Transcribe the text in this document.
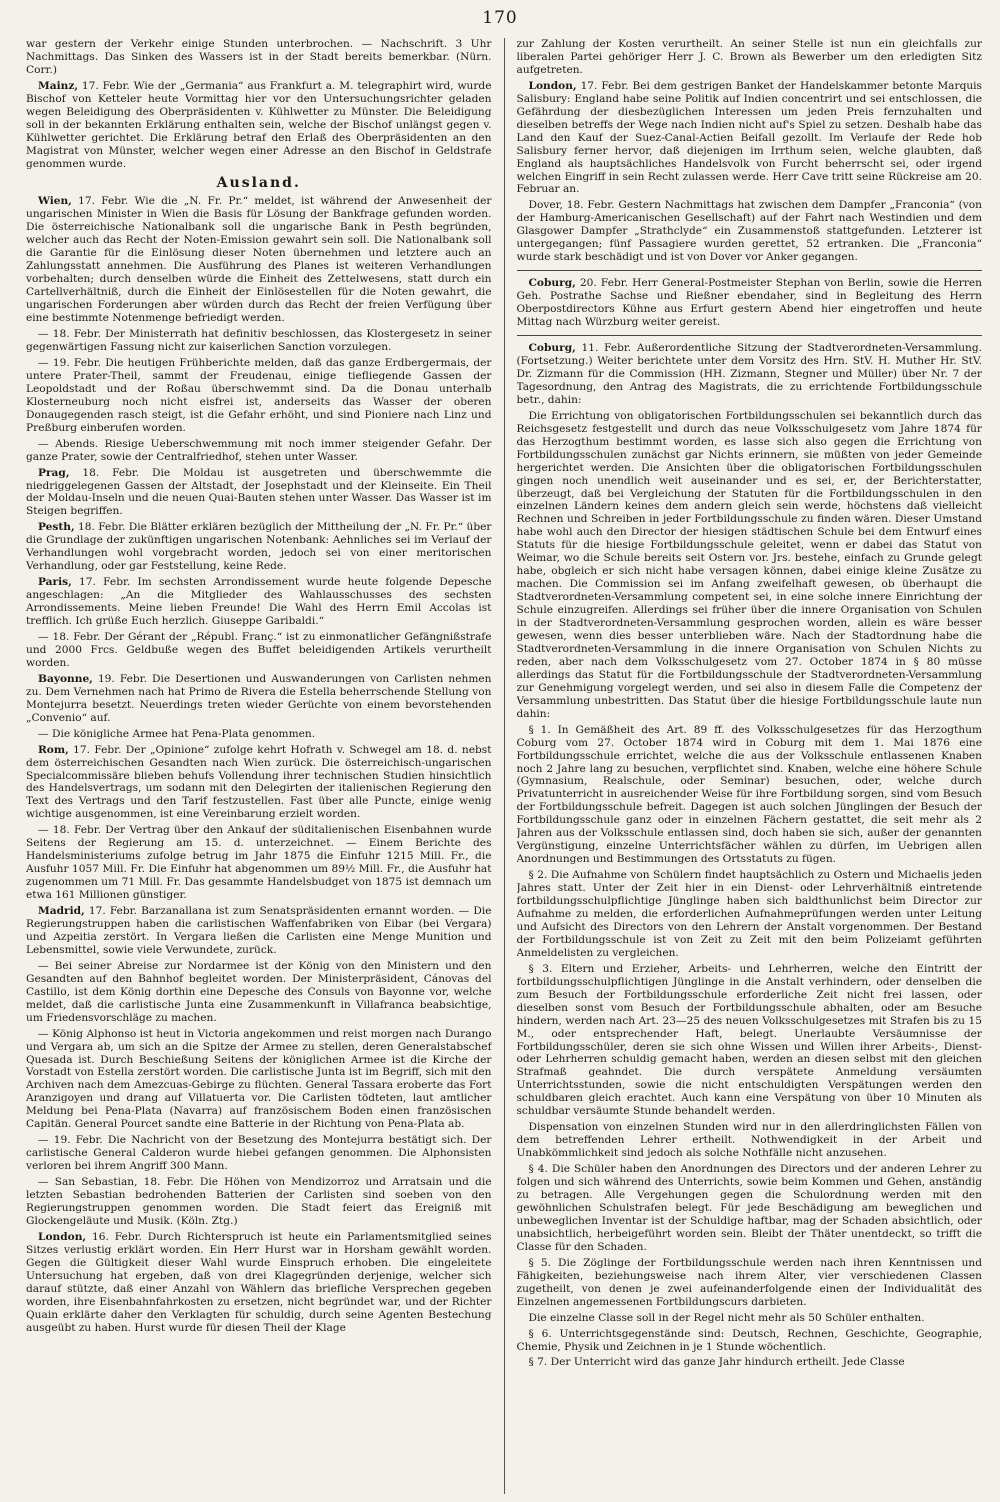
170

war gestern der Verkehr einige Stunden unterbrochen. — Nachschrift. 3 Uhr Nachmittags. Das Sinken des Wassers ist in der Stadt bereits bemerkbar. (Nürn. Corr.)

Mainz, 17. Febr. Wie der „Germania“ aus Frankfurt a. M. telegraphirt wird, wurde Bischof von Ketteler heute Vormittag hier vor den Untersuchungsrichter geladen wegen Beleidigung des Oberpräsidenten v. Kühlwetter zu Münster. Die Beleidigung soll in der bekannten Erklärung enthalten sein, welche der Bischof unlängst gegen v. Kühlwetter gerichtet. Die Erklärung betraf den Erlaß des Oberpräsidenten an den Magistrat von Münster, welcher wegen einer Adresse an den Bischof in Geldstrafe genommen wurde.

Ausland.

Wien, 17. Febr. Wie die „N. Fr. Pr.“ meldet, ist während der Anwesenheit der ungarischen Minister in Wien die Basis für Lösung der Bankfrage gefunden worden. Die österreichische Nationalbank soll die ungarische Bank in Pesth begründen, welcher auch das Recht der Noten-Emission gewahrt sein soll. Die Nationalbank soll die Garantie für die Einlösung dieser Noten übernehmen und letztere auch an Zahlungsstatt annehmen. Die Ausführung des Planes ist weiteren Verhandlungen vorbehalten; durch denselben würde die Einheit des Zettelwesens, statt durch ein Cartellverhältniß, durch die Einheit der Einlösestellen für die Noten gewahrt, die ungarischen Forderungen aber würden durch das Recht der freien Verfügung über eine bestimmte Notenmenge befriedigt werden.

— 18. Febr. Der Ministerrath hat definitiv beschlossen, das Klostergesetz in seiner gegenwärtigen Fassung nicht zur kaiserlichen Sanction vorzulegen.

— 19. Febr. Die heutigen Frühberichte melden, daß das ganze Erdbergermais, der untere Prater-Theil, sammt der Freudenau, einige tiefliegende Gassen der Leopoldstadt und der Roßau überschwemmt sind. Da die Donau unterhalb Klosterneuburg noch nicht eisfrei ist, anderseits das Wasser der oberen Donaugegenden rasch steigt, ist die Gefahr erhöht, und sind Pioniere nach Linz und Preßburg einberufen worden.

— Abends. Riesige Ueberschwemmung mit noch immer steigender Gefahr. Der ganze Prater, sowie der Centralfriedhof, stehen unter Wasser.

Prag, 18. Febr. Die Moldau ist ausgetreten und überschwemmte die niedriggelegenen Gassen der Altstadt, der Josephstadt und der Kleinseite. Ein Theil der Moldau-Inseln und die neuen Quai-Bauten stehen unter Wasser. Das Wasser ist im Steigen begriffen.

Pesth, 18. Febr. Die Blätter erklären bezüglich der Mittheilung der „N. Fr. Pr.“ über die Grundlage der zukünftigen ungarischen Notenbank: Aehnliches sei im Verlauf der Verhandlungen wohl vorgebracht worden, jedoch sei von einer meritorischen Verhandlung, oder gar Feststellung, keine Rede.

Paris, 17. Febr. Im sechsten Arrondissement wurde heute folgende Depesche angeschlagen: „An die Mitglieder des Wahlausschusses des sechsten Arrondissements. Meine lieben Freunde! Die Wahl des Herrn Emil Accolas ist trefflich. Ich grüße Euch herzlich. Giuseppe Garibaldi.“

— 18. Febr. Der Gérant der „Républ. Franç.“ ist zu einmonatlicher Gefängnißstrafe und 2000 Frcs. Geldbuße wegen des Buffet beleidigenden Artikels verurtheilt worden.

Bayonne, 19. Febr. Die Desertionen und Auswanderungen von Carlisten nehmen zu. Dem Vernehmen nach hat Primo de Rivera die Estella beherrschende Stellung von Montejurra besetzt. Neuerdings treten wieder Gerüchte von einem bevorstehenden „Convenio“ auf.

— Die königliche Armee hat Pena-Plata genommen.

Rom, 17. Febr. Der „Opinione“ zufolge kehrt Hofrath v. Schwegel am 18. d. nebst dem österreichischen Gesandten nach Wien zurück. Die österreichisch-ungarischen Specialcommissäre blieben behufs Vollendung ihrer technischen Studien hinsichtlich des Handelsvertrags, um sodann mit den Delegirten der italienischen Regierung den Text des Vertrags und den Tarif festzustellen. Fast über alle Puncte, einige wenig wichtige ausgenommen, ist eine Vereinbarung erzielt worden.

— 18. Febr. Der Vertrag über den Ankauf der süditalienischen Eisenbahnen wurde Seitens der Regierung am 15. d. unterzeichnet. — Einem Berichte des Handelsministeriums zufolge betrug im Jahr 1875 die Einfuhr 1215 Mill. Fr., die Ausfuhr 1057 Mill. Fr. Die Einfuhr hat abgenommen um 89½ Mill. Fr., die Ausfuhr hat zugenommen um 71 Mill. Fr. Das gesammte Handelsbudget von 1875 ist demnach um etwa 161 Millionen günstiger.

Madrid, 17. Febr. Barzanallana ist zum Senatspräsidenten ernannt worden. — Die Regierungstruppen haben die carlistischen Waffenfabriken von Eibar (bei Vergara) und Azpeitia zerstört. In Vergara ließen die Carlisten eine Menge Munition und Lebensmittel, sowie viele Verwundete, zurück.

— Bei seiner Abreise zur Nordarmee ist der König von den Ministern und den Gesandten auf den Bahnhof begleitet worden. Der Ministerpräsident, Cánovas del Castillo, ist dem König dorthin eine Depesche des Consuls von Bayonne vor, welche meldet, daß die carlistische Junta eine Zusammenkunft in Villafranca beabsichtige, um Friedensvorschläge zu machen.

— König Alphonso ist heut in Victoria angekommen und reist morgen nach Durango und Vergara ab, um sich an die Spitze der Armee zu stellen, deren Generalstabschef Quesada ist. Durch Beschießung Seitens der königlichen Armee ist die Kirche der Vorstadt von Estella zerstört worden. Die carlistische Junta ist im Begriff, sich mit den Archiven nach dem Amezcuas-Gebirge zu flüchten. General Tassara eroberte das Fort Aranzigoyen und drang auf Villatuerta vor. Die Carlisten tödteten, laut amtlicher Meldung bei Pena-Plata (Navarra) auf französischem Boden einen französischen Capitän. General Pourcet sandte eine Batterie in der Richtung von Pena-Plata ab.

— 19. Febr. Die Nachricht von der Besetzung des Montejurra bestätigt sich. Der carlistische General Calderon wurde hiebei gefangen genommen. Die Alphonsisten verloren bei ihrem Angriff 300 Mann.

— San Sebastian, 18. Febr. Die Höhen von Mendizorroz und Arratsain und die letzten Sebastian bedrohenden Batterien der Carlisten sind soeben von den Regierungstruppen genommen worden. Die Stadt feiert das Ereigniß mit Glockengeläute und Musik. (Köln. Ztg.)

London, 16. Febr. Durch Richterspruch ist heute ein Parlamentsmitglied seines Sitzes verlustig erklärt worden. Ein Herr Hurst war in Horsham gewählt worden. Gegen die Gültigkeit dieser Wahl wurde Einspruch erhoben. Die eingeleitete Untersuchung hat ergeben, daß von drei Klagegründen derjenige, welcher sich darauf stützte, daß einer Anzahl von Wählern das briefliche Versprechen gegeben worden, ihre Eisenbahnfahrkosten zu ersetzen, nicht begründet war, und der Richter Quain erklärte daher den Verklagten für schuldig, durch seine Agenten Bestechung ausgeübt zu haben. Hurst wurde für diesen Theil der Klage

zur Zahlung der Kosten verurtheilt. An seiner Stelle ist nun ein gleichfalls zur liberalen Partei gehöriger Herr J. C. Brown als Bewerber um den erledigten Sitz aufgetreten.

London, 17. Febr. Bei dem gestrigen Banket der Handelskammer betonte Marquis Salisbury: England habe seine Politik auf Indien concentrirt und sei entschlossen, die Gefährdung der diesbezüglichen Interessen um jeden Preis fernzuhalten und dieselben betreffs der Wege nach Indien nicht auf's Spiel zu setzen. Deshalb habe das Land den Kauf der Suez-Canal-Actien Beifall gezollt. Im Verlaufe der Rede hob Salisbury ferner hervor, daß diejenigen im Irrthum seien, welche glaubten, daß England als hauptsächliches Handelsvolk von Furcht beherrscht sei, oder irgend welchen Eingriff in sein Recht zulassen werde. Herr Cave tritt seine Rückreise am 20. Februar an.

Dover, 18. Febr. Gestern Nachmittags hat zwischen dem Dampfer „Franconia“ (von der Hamburg-Americanischen Gesellschaft) auf der Fahrt nach Westindien und dem Glasgower Dampfer „Strathclyde“ ein Zusammenstoß stattgefunden. Letzterer ist untergegangen; fünf Passagiere wurden gerettet, 52 ertranken. Die „Franconia“ wurde stark beschädigt und ist von Dover vor Anker gegangen.

Coburg, 20. Febr. Herr General-Postmeister Stephan von Berlin, sowie die Herren Geh. Postrathe Sachse und Rießner ebendaher, sind in Begleitung des Herrn Oberpostdirectors Kühne aus Erfurt gestern Abend hier eingetroffen und heute Mittag nach Würzburg weiter gereist.

Coburg, 11. Febr. Außerordentliche Sitzung der Stadtverordneten-Versammlung. (Fortsetzung.) Weiter berichtete unter dem Vorsitz des Hrn. StV. H. Muther Hr. StV. Dr. Zizmann für die Commission (HH. Zizmann, Stegner und Müller) über Nr. 7 der Tagesordnung, den Antrag des Magistrats, die zu errichtende Fortbildungsschule betr., dahin:

Die Errichtung von obligatorischen Fortbildungsschulen sei bekanntlich durch das Reichsgesetz festgestellt und durch das neue Volksschulgesetz vom Jahre 1874 für das Herzogthum bestimmt worden, es lasse sich also gegen die Errichtung von Fortbildungsschulen zunächst gar Nichts erinnern, sie müßten von jeder Gemeinde hergerichtet werden. Die Ansichten über die obligatorischen Fortbildungsschulen gingen noch unendlich weit auseinander und es sei, er, der Berichterstatter, überzeugt, daß bei Vergleichung der Statuten für die Fortbildungsschulen in den einzelnen Ländern keines dem andern gleich sein werde, höchstens daß vielleicht Rechnen und Schreiben in jeder Fortbildungsschule zu finden wären. Dieser Umstand habe wohl auch den Director der hiesigen städtischen Schule bei dem Entwurf eines Statuts für die hiesige Fortbildungsschule geleitet, wenn er dabei das Statut von Weimar, wo die Schule bereits seit Ostern vor. Jrs. bestehe, einfach zu Grunde gelegt habe, obgleich er sich nicht habe versagen können, dabei einige kleine Zusätze zu machen. Die Commission sei im Anfang zweifelhaft gewesen, ob überhaupt die Stadtverordneten-Versammlung competent sei, in eine solche innere Einrichtung der Schule einzugreifen. Allerdings sei früher über die innere Organisation von Schulen in der Stadtverordneten-Versammlung gesprochen worden, allein es wäre besser gewesen, wenn dies besser unterblieben wäre. Nach der Stadtordnung habe die Stadtverordneten-Versammlung in die innere Organisation von Schulen Nichts zu reden, aber nach dem Volksschulgesetz vom 27. October 1874 in § 80 müsse allerdings das Statut für die Fortbildungsschule der Stadtverordneten-Versammlung zur Genehmigung vorgelegt werden, und sei also in diesem Falle die Competenz der Versammlung unbestritten. Das Statut über die hiesige Fortbildungsschule laute nun dahin:

§ 1. In Gemäßheit des Art. 89 ff. des Volksschulgesetzes für das Herzogthum Coburg vom 27. October 1874 wird in Coburg mit dem 1. Mai 1876 eine Fortbildungsschule errichtet, welche die aus der Volksschule entlassenen Knaben noch 2 Jahre lang zu besuchen, verpflichtet sind. Knaben, welche eine höhere Schule (Gymnasium, Realschule, oder Seminar) besuchen, oder, welche durch Privatunterricht in ausreichender Weise für ihre Fortbildung sorgen, sind vom Besuch der Fortbildungsschule befreit. Dagegen ist auch solchen Jünglingen der Besuch der Fortbildungsschule ganz oder in einzelnen Fächern gestattet, die seit mehr als 2 Jahren aus der Volksschule entlassen sind, doch haben sie sich, außer der genannten Vergünstigung, einzelne Unterrichtsfächer wählen zu dürfen, im Uebrigen allen Anordnungen und Bestimmungen des Ortsstatuts zu fügen.

§ 2. Die Aufnahme von Schülern findet hauptsächlich zu Ostern und Michaelis jeden Jahres statt. Unter der Zeit hier in ein Dienst- oder Lehrverhältniß eintretende fortbildungsschulpflichtige Jünglinge haben sich baldthunlichst beim Director zur Aufnahme zu melden, die erforderlichen Aufnahmeprüfungen werden unter Leitung und Aufsicht des Directors von den Lehrern der Anstalt vorgenommen. Der Bestand der Fortbildungsschule ist von Zeit zu Zeit mit den beim Polizeiamt geführten Anmeldelisten zu vergleichen.

§ 3. Eltern und Erzieher, Arbeits- und Lehrherren, welche den Eintritt der fortbildungsschulpflichtigen Jünglinge in die Anstalt verhindern, oder denselben die zum Besuch der Fortbildungsschule erforderliche Zeit nicht frei lassen, oder dieselben sonst vom Besuch der Fortbildungsschule abhalten, oder am Besuche hindern, werden nach Art. 23—25 des neuen Volksschulgesetzes mit Strafen bis zu 15 M., oder entsprechender Haft, belegt. Unerlaubte Versäumnisse der Fortbildungsschüler, deren sie sich ohne Wissen und Willen ihrer Arbeits-, Dienst- oder Lehrherren schuldig gemacht haben, werden an diesen selbst mit den gleichen Strafmaß geahndet. Die durch verspätete Anmeldung versäumten Unterrichtsstunden, sowie die nicht entschuldigten Verspätungen werden den schuldbaren gleich erachtet. Auch kann eine Verspätung von über 10 Minuten als schuldbar versäumte Stunde behandelt werden.

Dispensation von einzelnen Stunden wird nur in den allerdringlichsten Fällen von dem betreffenden Lehrer ertheilt. Nothwendigkeit in der Arbeit und Unabkömmlichkeit sind jedoch als solche Nothfälle nicht anzusehen.

§ 4. Die Schüler haben den Anordnungen des Directors und der anderen Lehrer zu folgen und sich während des Unterrichts, sowie beim Kommen und Gehen, anständig zu betragen. Alle Vergehungen gegen die Schulordnung werden mit den gewöhnlichen Schulstrafen belegt. Für jede Beschädigung am beweglichen und unbeweglichen Inventar ist der Schuldige haftbar, mag der Schaden absichtlich, oder unabsichtlich, herbeigeführt worden sein. Bleibt der Thäter unentdeckt, so trifft die Classe für den Schaden.

§ 5. Die Zöglinge der Fortbildungsschule werden nach ihren Kenntnissen und Fähigkeiten, beziehungsweise nach ihrem Alter, vier verschiedenen Classen zugetheilt, von denen je zwei aufeinanderfolgende einen der Individualität des Einzelnen angemessenen Fortbildungscurs darbieten.

Die einzelne Classe soll in der Regel nicht mehr als 50 Schüler enthalten.

§ 6. Unterrichtsgegenstände sind: Deutsch, Rechnen, Geschichte, Geographie, Chemie, Physik und Zeichnen in je 1 Stunde wöchentlich.

§ 7. Der Unterricht wird das ganze Jahr hindurch ertheilt. Jede Classe
